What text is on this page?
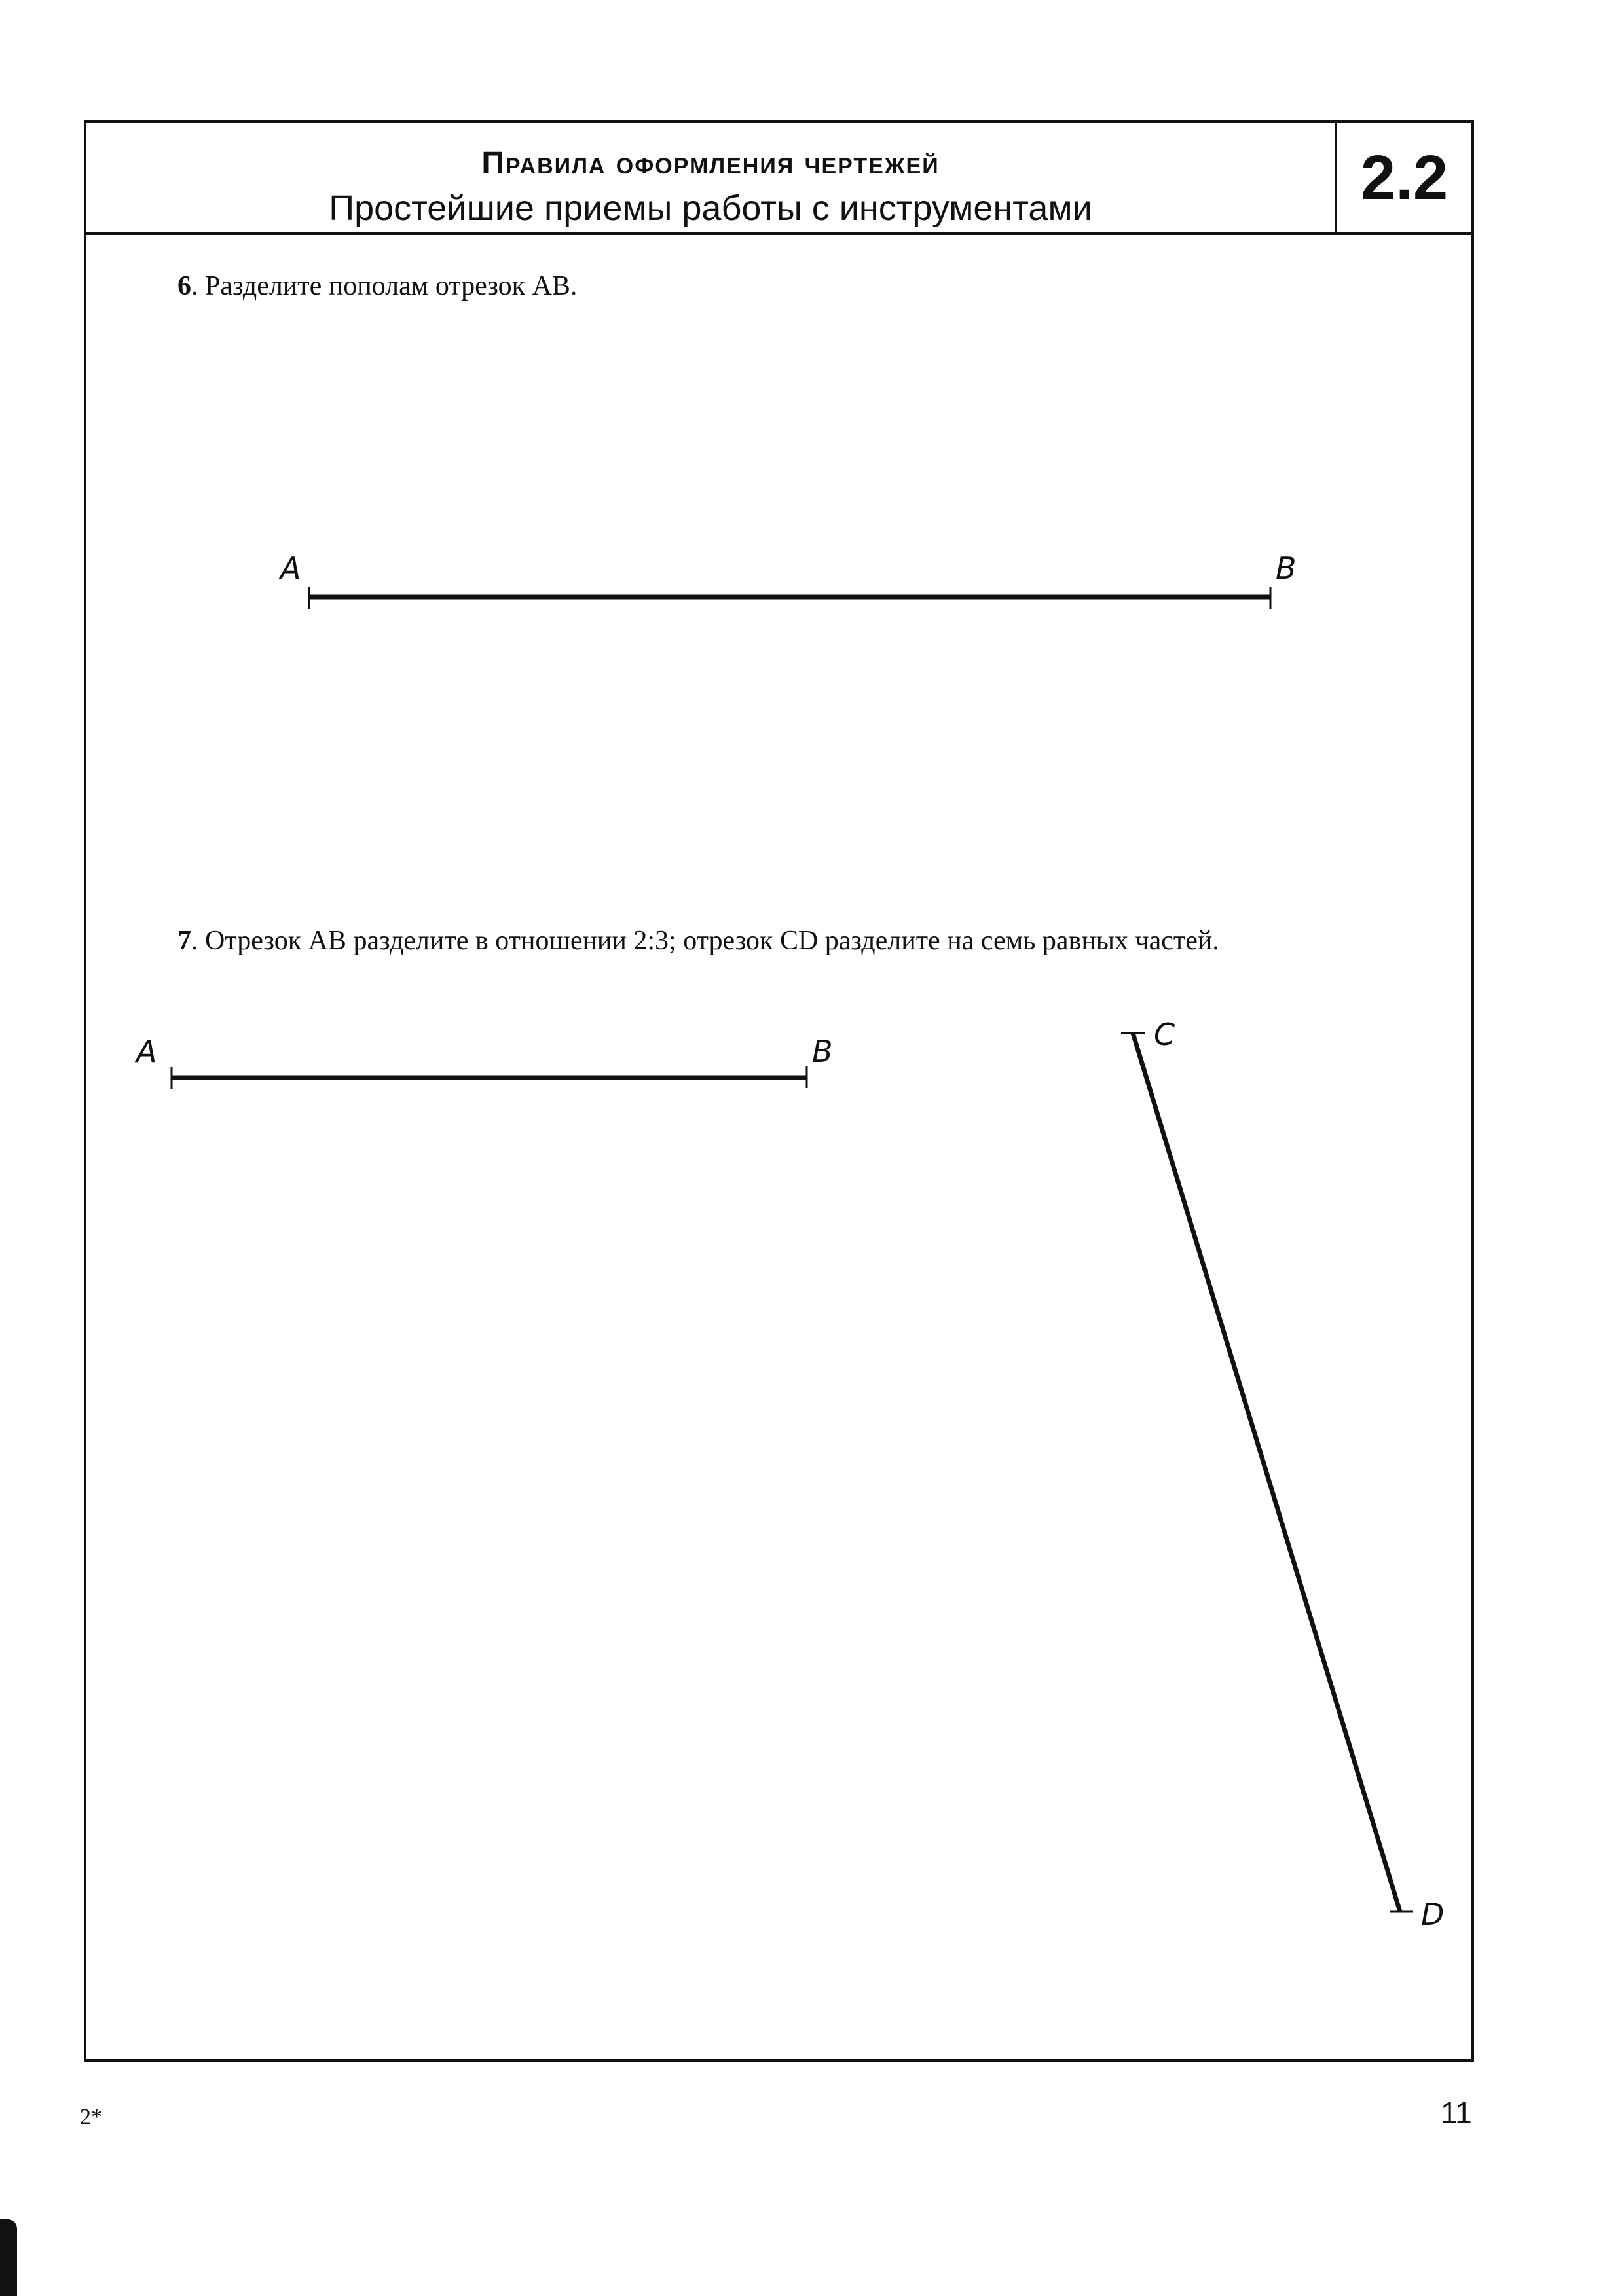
Правила оформления чертежей
Простейшие приемы работы с инструментами	2.2
6. Разделите пополам отрезок АВ.
7. Отрезок АВ разделите в отношении 2:3; отрезок CD разделите на семь равных частей.
A	B
A	B	C
D
2*	11
